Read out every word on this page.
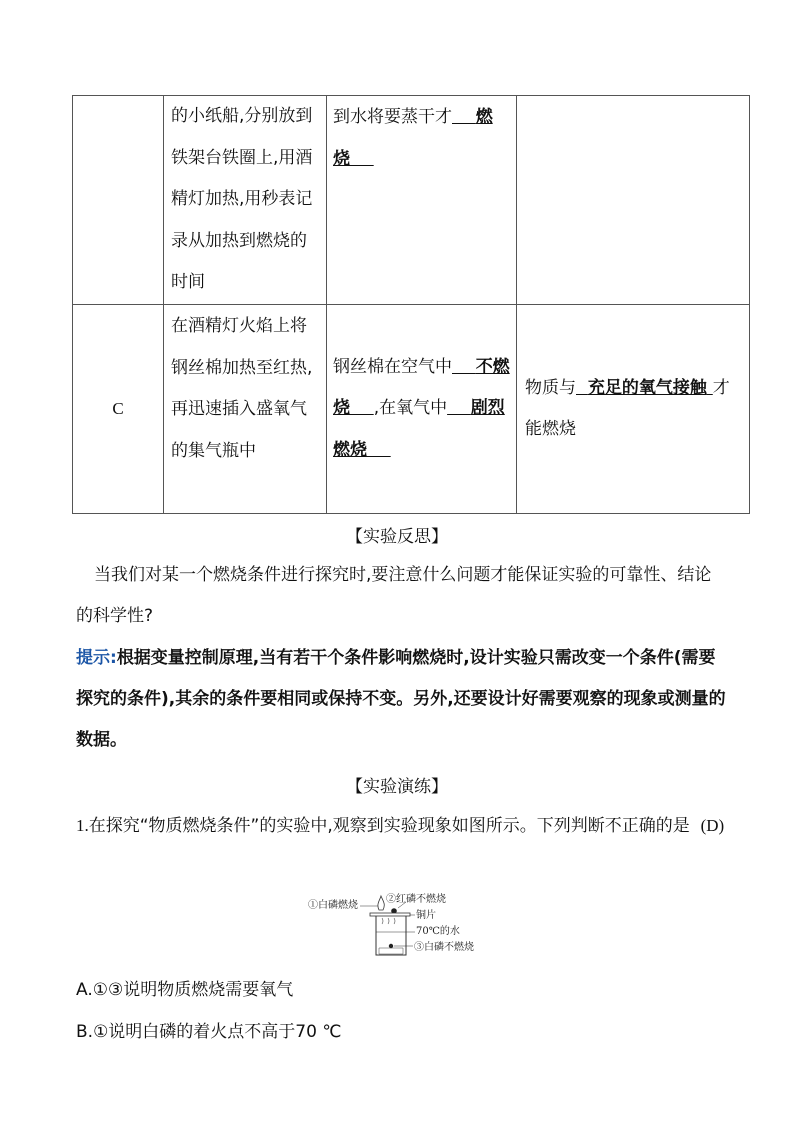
	的小纸船,分别放到铁架台铁圈上,用酒精灯加热,用秒表记录从加热到燃烧的时间	到水将要蒸干才 燃烧	
C	在酒精灯火焰上将钢丝棉加热至红热,再迅速插入盛氧气的集气瓶中	钢丝棉在空气中 不燃烧 ,在氧气中 剧烈燃烧	物质与 充足的氧气接触 才能燃烧
【实验反思】

当我们对某一个燃烧条件进行探究时,要注意什么问题才能保证实验的可靠性、结论的科学性?

提示:根据变量控制原理,当有若干个条件影响燃烧时,设计实验只需改变一个条件(需要探究的条件),其余的条件要相同或保持不变。另外,还要设计好需要观察的现象或测量的数据。

【实验演练】

1.在探究“物质燃烧条件”的实验中,观察到实验现象如图所示。下列判断不正确的是 (D)

①白磷燃烧
②红磷不燃烧
铜片
70℃的水
③白磷不燃烧

A.①③说明物质燃烧需要氧气

B.①说明白磷的着火点不高于70 ℃
